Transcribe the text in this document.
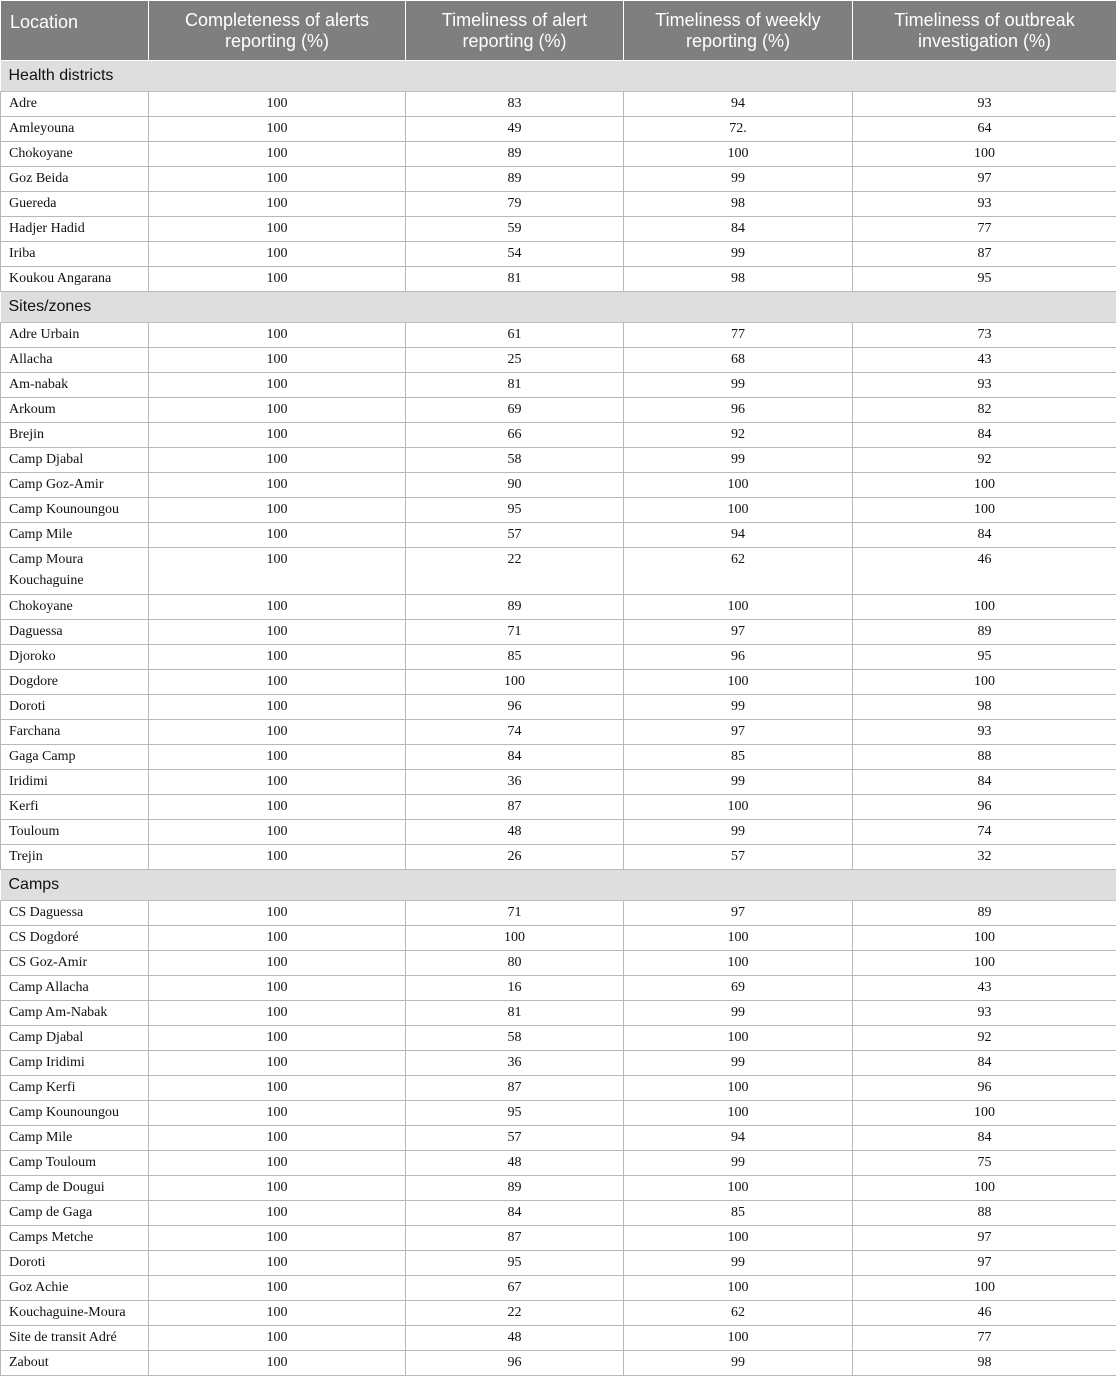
Location	Completeness of alerts reporting (%)	Timeliness of alert reporting (%)	Timeliness of weekly reporting (%)	Timeliness of outbreak investigation (%)
Health districts				
Adre	100	83	94	93
Amleyouna	100	49	72.	64
Chokoyane	100	89	100	100
Goz Beida	100	89	99	97
Guereda	100	79	98	93
Hadjer Hadid	100	59	84	77
Iriba	100	54	99	87
Koukou Angarana	100	81	98	95
Sites/zones				
Adre Urbain	100	61	77	73
Allacha	100	25	68	43
Am-nabak	100	81	99	93
Arkoum	100	69	96	82
Brejin	100	66	92	84
Camp Djabal	100	58	99	92
Camp Goz-Amir	100	90	100	100
Camp Kounoungou	100	95	100	100
Camp Mile	100	57	94	84
Camp Moura Kouchaguine	100	22	62	46
Chokoyane	100	89	100	100
Daguessa	100	71	97	89
Djoroko	100	85	96	95
Dogdore	100	100	100	100
Doroti	100	96	99	98
Farchana	100	74	97	93
Gaga Camp	100	84	85	88
Iridimi	100	36	99	84
Kerfi	100	87	100	96
Touloum	100	48	99	74
Trejin	100	26	57	32
Camps				
CS Daguessa	100	71	97	89
CS Dogdoré	100	100	100	100
CS Goz-Amir	100	80	100	100
Camp Allacha	100	16	69	43
Camp Am-Nabak	100	81	99	93
Camp Djabal	100	58	100	92
Camp Iridimi	100	36	99	84
Camp Kerfi	100	87	100	96
Camp Kounoungou	100	95	100	100
Camp Mile	100	57	94	84
Camp Touloum	100	48	99	75
Camp de Dougui	100	89	100	100
Camp de Gaga	100	84	85	88
Camps Metche	100	87	100	97
Doroti	100	95	99	97
Goz Achie	100	67	100	100
Kouchaguine-Moura	100	22	62	46
Site de transit Adré	100	48	100	77
Zabout	100	96	99	98
